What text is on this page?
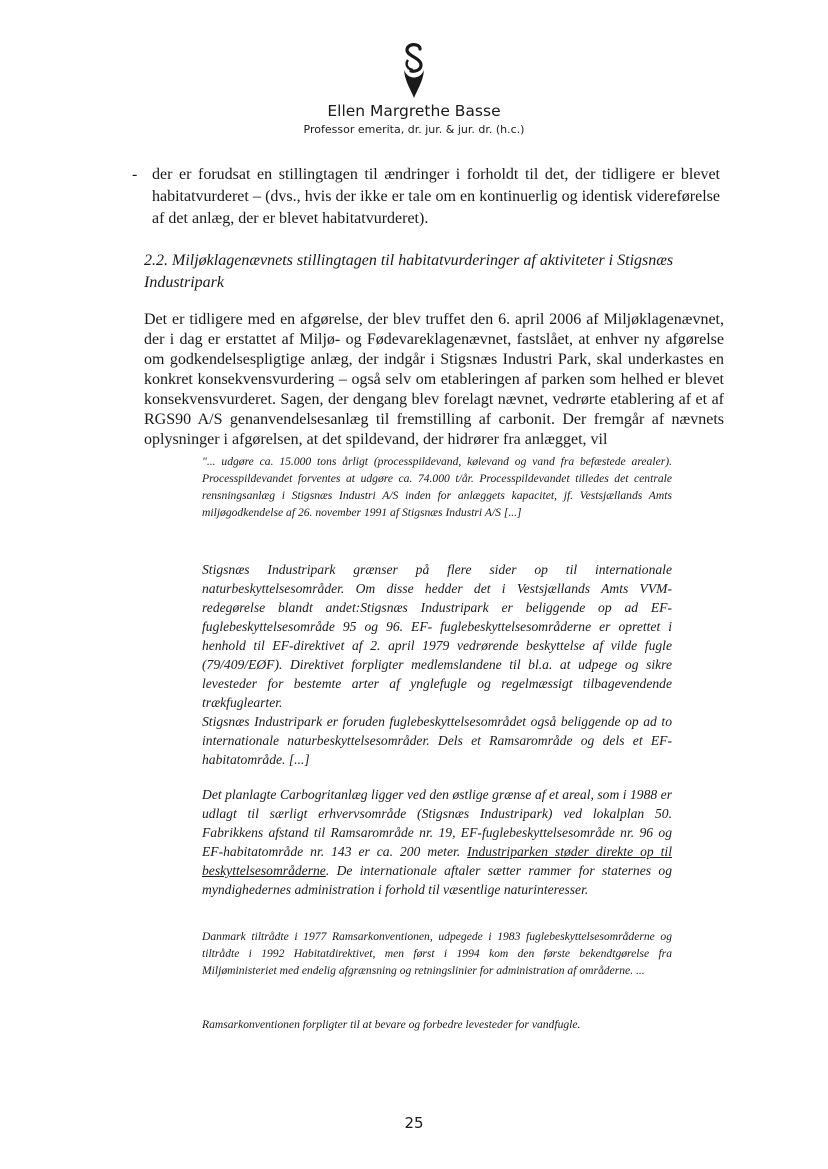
Ellen Margrethe Basse
Professor emerita, dr. jur. & jur. dr. (h.c.)
- der er forudsat en stillingtagen til ændringer i forholdt til det, der tidligere er blevet habitatvurderet – (dvs., hvis der ikke er tale om en kontinuerlig og identisk videreførelse af det anlæg, der er blevet habitatvurderet).
2.2. Miljøklagenævnets stillingtagen til habitatvurderinger af aktiviteter i Stigsnæs Industripark
Det er tidligere med en afgørelse, der blev truffet den 6. april 2006 af Miljøklagenævnet, der i dag er erstattet af Miljø- og Fødevareklagenævnet, fastslået, at enhver ny afgørelse om godkendelsespligtige anlæg, der indgår i Stigsnæs Industri Park, skal underkastes en konkret konsekvensvurdering – også selv om etableringen af parken som helhed er blevet konsekvensvurderet. Sagen, der dengang blev forelagt nævnet, vedrørte etablering af et af RGS90 A/S genanvendelsesanlæg til fremstilling af carbonit. Der fremgår af nævnets oplysninger i afgørelsen, at det spildevand, der hidrører fra anlægget, vil
"... udgøre ca. 15.000 tons årligt (processpildevand, kølevand og vand fra befæstede arealer). Processpildevandet forventes at udgøre ca. 74.000 t/år. Processpildevandet tilledes det centrale rensningsanlæg i Stigsnæs Industri A/S inden for anlæggets kapacitet, jf. Vestsjællands Amts miljøgodkendelse af 26. november 1991 af Stigsnæs Industri A/S [...]
Stigsnæs Industripark grænser på flere sider op til internationale naturbeskyttelsesområder. Om disse hedder det i Vestsjællands Amts VVM-redegørelse blandt andet:Stigsnæs Industripark er beliggende op ad EF-fuglebeskyttelsesområde 95 og 96. EF- fuglebeskyttelsesområderne er oprettet i henhold til EF-direktivet af 2. april 1979 vedrørende beskyttelse af vilde fugle (79/409/EØF). Direktivet forpligter medlemslandene til bl.a. at udpege og sikre levesteder for bestemte arter af ynglefugle og regelmæssigt tilbagevendende trækfuglearter.
Stigsnæs Industripark er foruden fuglebeskyttelsesområdet også beliggende op ad to internationale naturbeskyttelsesområder. Dels et Ramsarområde og dels et EF-habitatområde. [...]
Det planlagte Carbogritanlæg ligger ved den østlige grænse af et areal, som i 1988 er udlagt til særligt erhvervsområde (Stigsnæs Industripark) ved lokalplan 50. Fabrikkens afstand til Ramsarområde nr. 19, EF-fuglebeskyttelsesområde nr. 96 og EF-habitatområde nr. 143 er ca. 200 meter. Industriparken støder direkte op til beskyttelsesområderne. De internationale aftaler sætter rammer for staternes og myndighedernes administration i forhold til væsentlige naturinteresser.
Danmark tiltrådte i 1977 Ramsarkonventionen, udpegede i 1983 fuglebeskyttelsesområderne og tiltrådte i 1992 Habitatdirektivet, men først i 1994 kom den første bekendtgørelse fra Miljøministeriet med endelig afgrænsning og retningslinier for administration af områderne. ...
Ramsarkonventionen forpligter til at bevare og forbedre levesteder for vandfugle.
25
